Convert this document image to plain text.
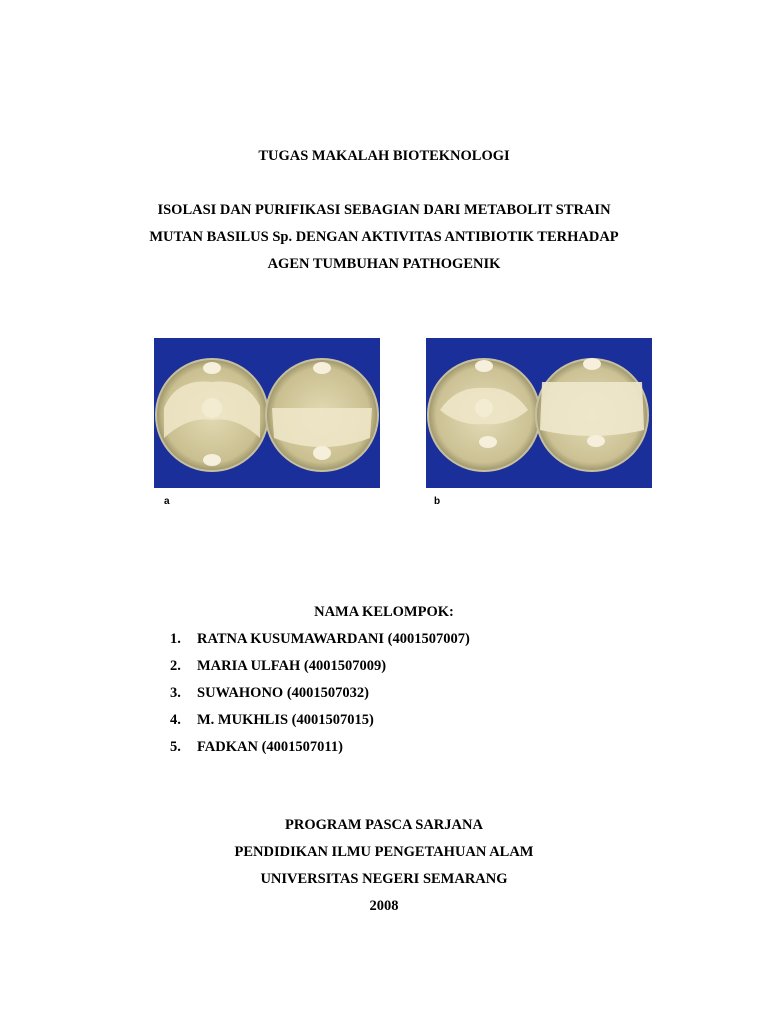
TUGAS MAKALAH BIOTEKNOLOGI
ISOLASI DAN PURIFIKASI SEBAGIAN DARI METABOLIT STRAIN
MUTAN BASILUS Sp. DENGAN AKTIVITAS ANTIBIOTIK TERHADAP
AGEN TUMBUHAN PATHOGENIK
a	b
NAMA KELOMPOK:
1. RATNA KUSUMAWARDANI (4001507007)
2. MARIA ULFAH (4001507009)
3. SUWAHONO (4001507032)
4. M. MUKHLIS (4001507015)
5. FADKAN (4001507011)
PROGRAM PASCA SARJANA
PENDIDIKAN ILMU PENGETAHUAN ALAM
UNIVERSITAS NEGERI SEMARANG
2008
